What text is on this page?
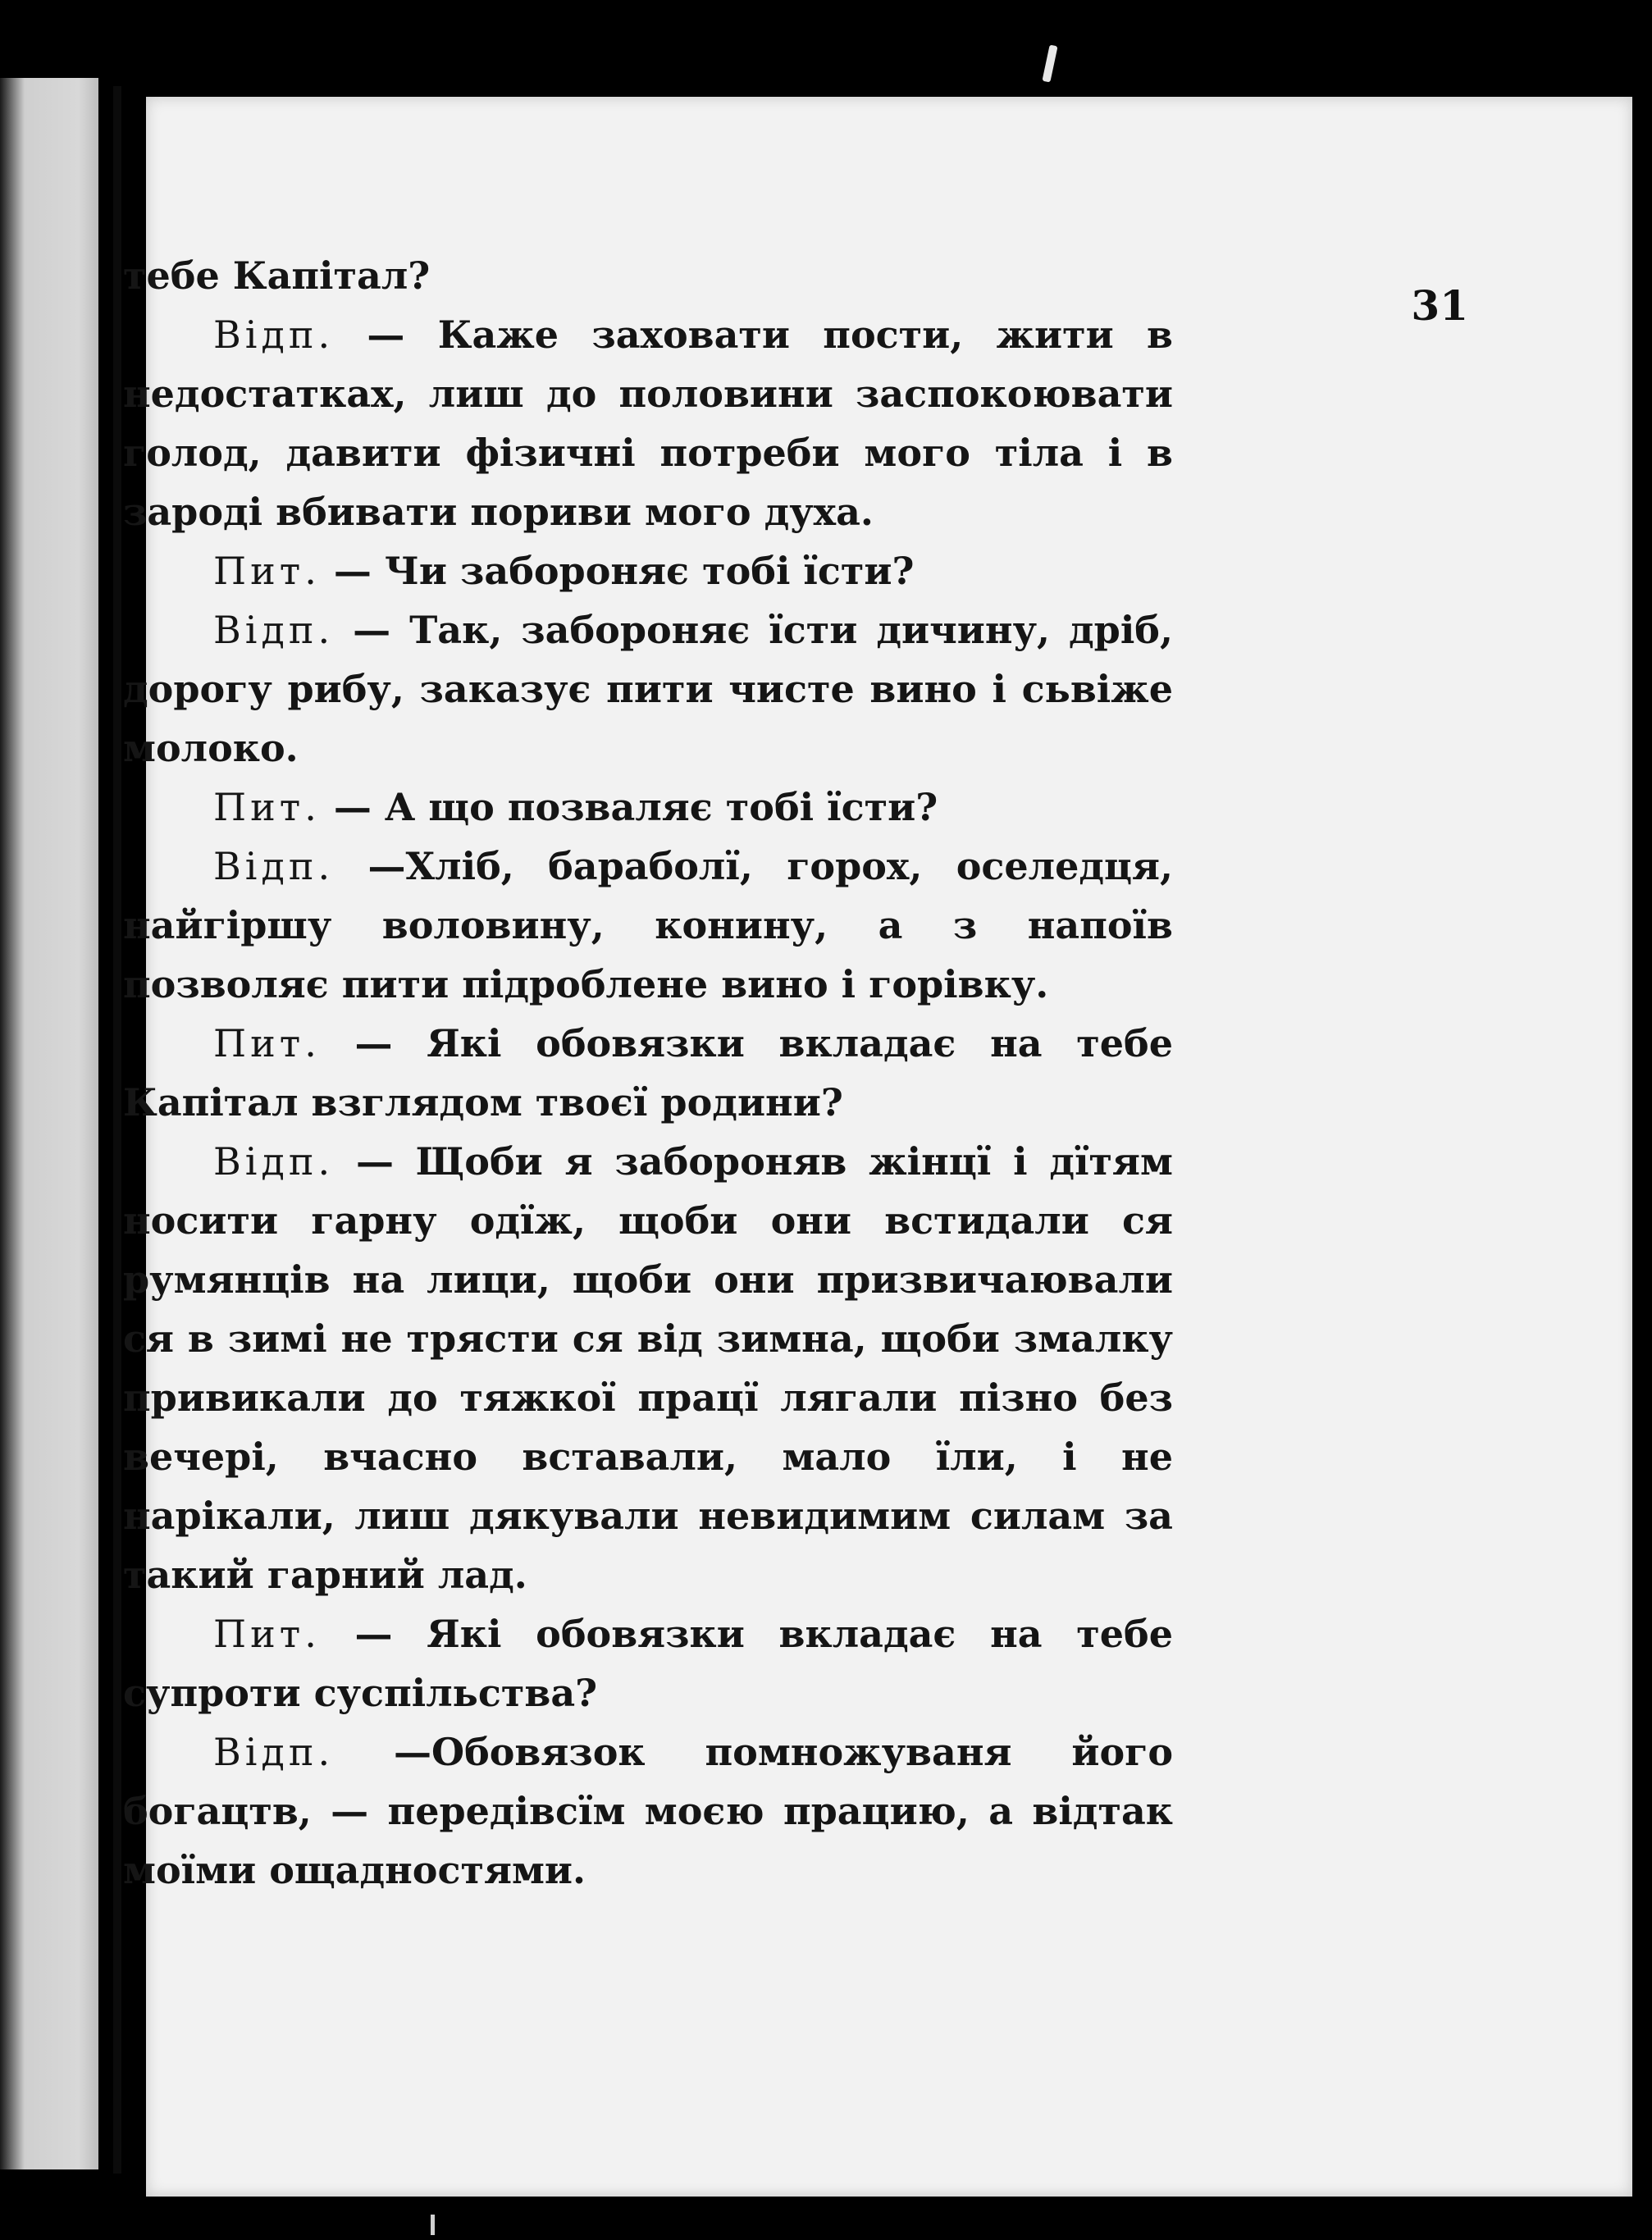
31

тебе Капітал?

Відп. — Каже заховати пости, жити в недостатках, лиш до половини заспокоювати голод, давити фізичні потреби мого тіла і в зароді вбивати пориви мого духа.

Пит. — Чи забороняє тобі їсти?

Відп. — Так, забороняє їсти дичину, дріб, дорогу рибу, заказує пити чисте вино і сьвіже молоко.

Пит. — А що позваляє тобі їсти?

Відп. —Хліб, бараболї, горох, оселедця, найгіршу воловину, конину, а з напоїв позволяє пити підроблене вино і горівку.

Пит. — Які обовязки вкладає на тебе Капітал взглядом твоєї родини?

Відп. — Щоби я забороняв жінцї і дїтям носити гарну одїж, щоби они встидали ся румянців на лици, щоби они призвичаювали ся в зимі не трясти ся від зимна, щоби змалку привикали до тяжкої працї лягали пізно без вечері, вчасно вставали, мало їли, і не нарікали, лиш дякували невидимим силам за такий гарний лад.

Пит. — Які обовязки вкладає на тебе супроти суспільства?

Відп. —Обовязок помножуваня його богацтв, — передівсїм моєю працию, а відтак моїми ощадностями.
